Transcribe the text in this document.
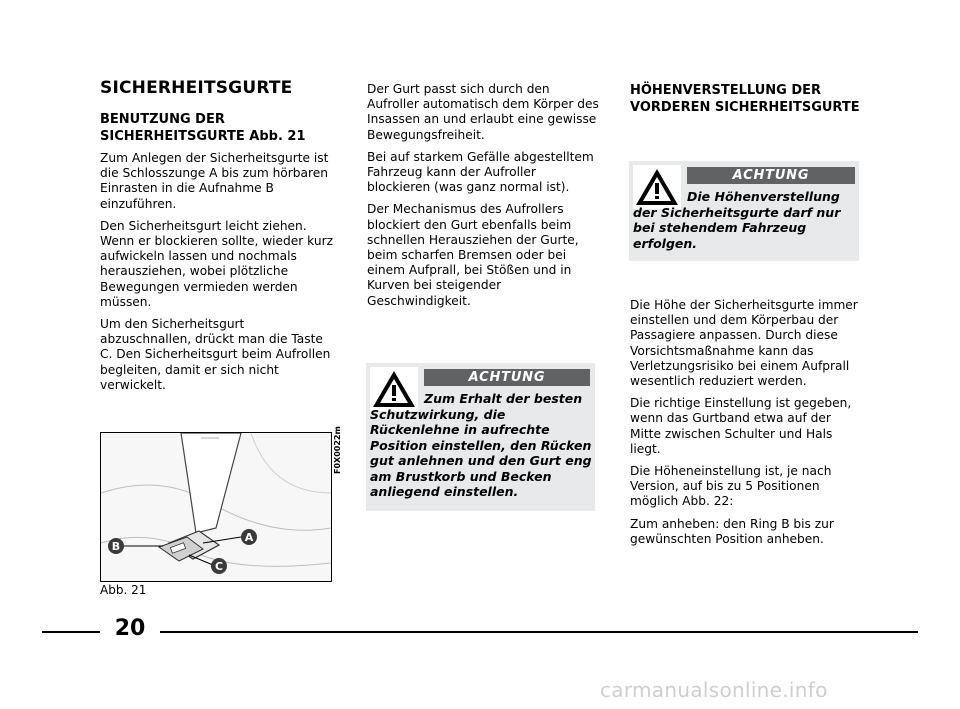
SICHERHEITSGURTE
BENUTZUNG DER SICHERHEITSGURTE Abb. 21

Zum Anlegen der Sicherheitsgurte ist die Schlosszunge A bis zum hörbaren Einrasten in die Aufnahme B einzuführen.

Den Sicherheitsgurt leicht ziehen. Wenn er blockieren sollte, wieder kurz aufwickeln lassen und nochmals herausziehen, wobei plötzliche Bewegungen vermieden werden müssen.

Um den Sicherheitsgurt abzuschnallen, drückt man die Taste C. Den Sicherheitsgurt beim Aufrollen begleiten, damit er sich nicht verwickelt.

B
A
C
F0X0022m
Abb. 21

Der Gurt passt sich durch den Aufroller automatisch dem Körper des Insassen an und erlaubt eine gewisse Bewegungsfreiheit.

Bei auf starkem Gefälle abgestelltem Fahrzeug kann der Aufroller blockieren (was ganz normal ist).

Der Mechanismus des Aufrollers blockiert den Gurt ebenfalls beim schnellen Herausziehen der Gurte, beim scharfen Bremsen oder bei einem Aufprall, bei Stößen und in Kurven bei steigender Geschwindigkeit.

ACHTUNG
Zum Erhalt der besten Schutzwirkung, die Rückenlehne in aufrechte Position einstellen, den Rücken gut anlehnen und den Gurt eng am Brustkorb und Becken anliegend einstellen.
HÖHENVERSTELLUNG DER VORDEREN SICHERHEITSGURTE
ACHTUNG
Die Höhenverstellung der Sicherheitsgurte darf nur bei stehendem Fahrzeug erfolgen.

Die Höhe der Sicherheitsgurte immer einstellen und dem Körperbau der Passagiere anpassen. Durch diese Vorsichtsmaßnahme kann das Verletzungsrisiko bei einem Aufprall wesentlich reduziert werden.

Die richtige Einstellung ist gegeben, wenn das Gurtband etwa auf der Mitte zwischen Schulter und Hals liegt.

Die Höheneinstellung ist, je nach Version, auf bis zu 5 Positionen möglich Abb. 22:

Zum anheben: den Ring B bis zur gewünschten Position anheben.

20
carmanualsonline.info
